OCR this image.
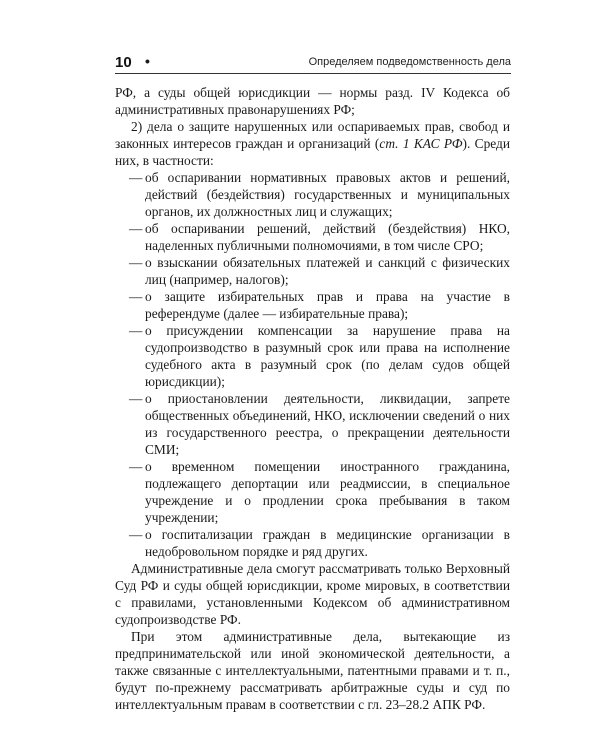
10 •	Определяем подведомственность дела

РФ, а суды общей юрисдикции — нормы разд. IV Кодекса об административных правонарушениях РФ;

2) дела о защите нарушенных или оспариваемых прав, свобод и законных интересов граждан и организаций (ст. 1 КАС РФ). Среди них, в частности:

— об оспаривании нормативных правовых актов и решений, действий (бездействия) государственных и муниципальных органов, их должностных лиц и служащих;
— об оспаривании решений, действий (бездействия) НКО, наделенных публичными полномочиями, в том числе СРО;
— о взыскании обязательных платежей и санкций с физических лиц (например, налогов);
— о защите избирательных прав и права на участие в референдуме (далее — избирательные права);
— о присуждении компенсации за нарушение права на судопроизводство в разумный срок или права на исполнение судебного акта в разумный срок (по делам судов общей юрисдикции);
— о приостановлении деятельности, ликвидации, запрете общественных объединений, НКО, исключении сведений о них из государственного реестра, о прекращении деятельности СМИ;
— о временном помещении иностранного гражданина, подлежащего депортации или реадмиссии, в специальное учреждение и о продлении срока пребывания в таком учреждении;
— о госпитализации граждан в медицинские организации в недобровольном порядке и ряд других.

Административные дела смогут рассматривать только Верховный Суд РФ и суды общей юрисдикции, кроме мировых, в соответствии с правилами, установленными Кодексом об административном судопроизводстве РФ.

При этом административные дела, вытекающие из предпринимательской или иной экономической деятельности, а также связанные с интеллектуальными, патентными правами и т. п., будут по-прежнему рассматривать арбитражные суды и суд по интеллектуальным правам в соответствии с гл. 23–28.2 АПК РФ.
